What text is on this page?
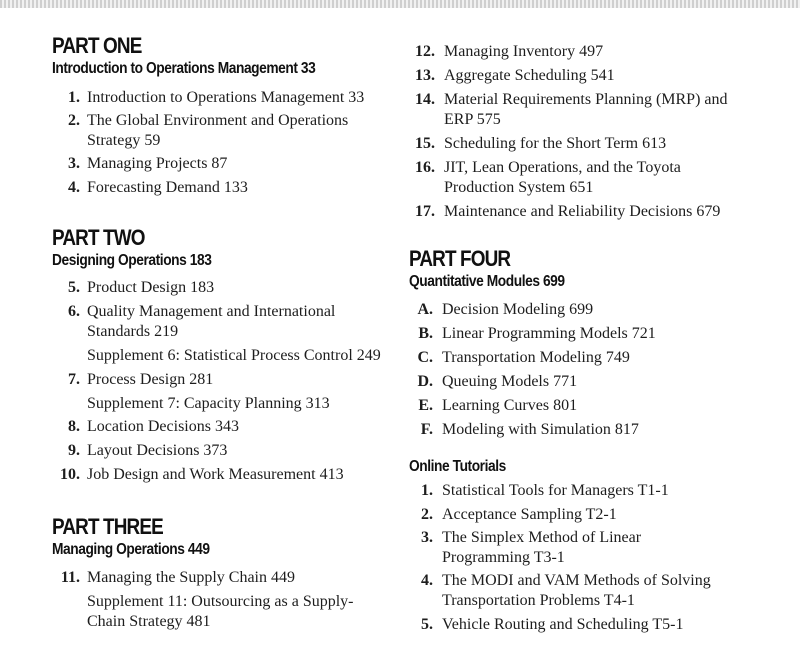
PART ONE
Introduction to Operations Management 33
1. Introduction to Operations Management 33
2. The Global Environment and Operations Strategy 59
3. Managing Projects 87
4. Forecasting Demand 133
PART TWO
Designing Operations 183
5. Product Design 183
6. Quality Management and International Standards 219
Supplement 6: Statistical Process Control 249
7. Process Design 281
Supplement 7: Capacity Planning 313
8. Location Decisions 343
9. Layout Decisions 373
10. Job Design and Work Measurement 413
PART THREE
Managing Operations 449
11. Managing the Supply Chain 449
Supplement 11: Outsourcing as a Supply-Chain Strategy 481
12. Managing Inventory 497
13. Aggregate Scheduling 541
14. Material Requirements Planning (MRP) and ERP 575
15. Scheduling for the Short Term 613
16. JIT, Lean Operations, and the Toyota Production System 651
17. Maintenance and Reliability Decisions 679
PART FOUR
Quantitative Modules 699
A. Decision Modeling 699
B. Linear Programming Models 721
C. Transportation Modeling 749
D. Queuing Models 771
E. Learning Curves 801
F. Modeling with Simulation 817
Online Tutorials
1. Statistical Tools for Managers T1-1
2. Acceptance Sampling T2-1
3. The Simplex Method of Linear Programming T3-1
4. The MODI and VAM Methods of Solving Transportation Problems T4-1
5. Vehicle Routing and Scheduling T5-1
